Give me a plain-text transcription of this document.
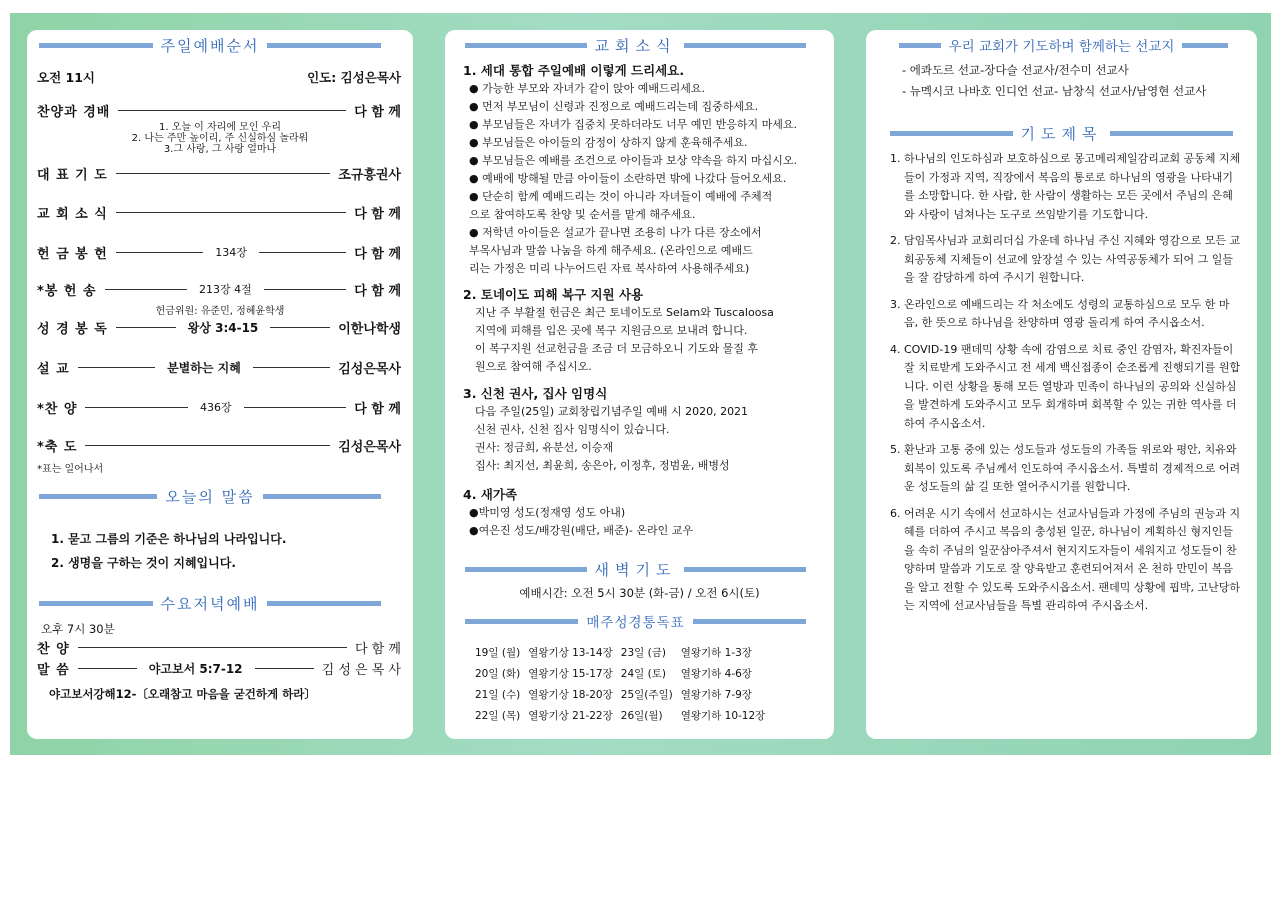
주일예배순서
오전 11시	인도: 김성은목사
찬양과 경배	다 함 께
1. 오늘 이 자리에 모인 우리
2. 나는 주만 높이리, 주 신실하심 놀라워
3.그 사랑, 그 사랑 얼마나
대 표 기 도	조규흥권사
교 회 소 식	다 함 께
헌 금 봉 헌	134장	다 함 께
*봉 헌 송	213장 4절	다 함 께
헌금위원: 유준민, 정혜윤학생
성 경 봉 독	왕상 3:4-15	이한나학생
설 교	분별하는 지혜	김성은목사
*찬 양	436장	다 함 께
*축 도	김성은목사
*표는 일어나서
오늘의 말씀
1. 묻고 그름의 기준은 하나님의 나라입니다.
2. 생명을 구하는 것이 지혜입니다.
수요저녁예배
오후 7시 30분
찬 양	다 함 께
말 씀	야고보서 5:7-12	김 성 은 목 사
야고보서강해12-〔오래참고 마음을 굳건하게 하라〕
교회소식
1. 세대 통합 주일예배 이렇게 드리세요.

● 가능한 부모와 자녀가 같이 앉아 예배드리세요.

● 먼저 부모님이 신령과 진정으로 예배드리는데 집중하세요.

● 부모님들은 자녀가 집중치 못하더라도 너무 예민 반응하지 마세요.

● 부모님들은 아이들의 감정이 상하지 않게 훈육해주세요.

● 부모님들은 예배를 조건으로 아이들과 보상 약속을 하지 마십시오.

● 예배에 방해될 만큼 아이들이 소란하면 밖에 나갔다 들어오세요.

● 단순히 함께 예배드리는 것이 아니라 자녀들이 예배에 주체적

으로 참여하도록 찬양 및 순서를 맡게 해주세요.

● 저학년 아이들은 설교가 끝나면 조용히 나가 다른 장소에서

부목사님과 말씀 나눔을 하게 해주세요. (온라인으로 예배드

리는 가정은 미리 나누어드린 자료 복사하여 사용해주세요)

2. 토네이도 피해 복구 지원 사용

지난 주 부활절 헌금은 최근 토네이도로 Selam와 Tuscaloosa

지역에 피해를 입은 곳에 복구 지원금으로 보내려 합니다.

이 복구지원 선교헌금을 조금 더 모금하오니 기도와 물질 후

원으로 참여해 주십시오.

3. 신천 권사, 집사 임명식

다음 주일(25일) 교회창립기념주일 예배 시 2020, 2021

신천 권사, 신천 집사 임명식이 있습니다.

권사: 정금희, 유분선, 이승재

집사: 최지선, 최윤희, 송은아, 이정후, 정범윤, 배병성

4. 새가족

●박미영 성도(정재영 성도 아내)

●여은진 성도/배강원(배단, 배준)- 온라인 교우

새벽기도
예배시간: 오전 5시 30분 (화-금) / 오전 6시(토)
매주성경통독표
19일 (월)	열왕기상 13-14장	23일 (금)	열왕기하 1-3장
20일 (화)	열왕기상 15-17장	24일 (토)	열왕기하 4-6장
21일 (수)	열왕기상 18-20장	25일(주일)	열왕기하 7-9장
22일 (목)	열왕기상 21-22장	26일(월)	열왕기하 10-12장
우리 교회가 기도하며 함께하는 선교지
- 에콰도르 선교-장다슬 선교사/전수미 선교사
- 뉴멕시코 나바호 인디언 선교- 남창식 선교사/남영현 선교사
기도제목
1. 하나님의 인도하심과 보호하심으로 몽고메리제일감리교회 공동체 지체들이 가정과 지역, 직장에서 복음의 통로로 하나님의 영광을 나타내기를 소망합니다. 한 사람, 한 사람이 생활하는 모든 곳에서 주님의 은혜와 사랑이 넘쳐나는 도구로 쓰임받기를 기도합니다.
2. 담임목사님과 교회리더십 가운데 하나님 주신 지혜와 영감으로 모든 교회공동체 지체들이 선교에 앞장설 수 있는 사역공동체가 되어 그 일들을 잘 감당하게 하여 주시기 원합니다.
3. 온라인으로 예배드리는 각 처소에도 성령의 교통하심으로 모두 한 마음, 한 뜻으로 하나님을 찬양하며 영광 돌리게 하여 주시옵소서.
4. COVID-19 팬데믹 상황 속에 감염으로 치료 중인 감염자, 확진자들이 잘 치료받게 도와주시고 전 세계 백신접종이 순조롭게 진행되기를 원합니다. 이런 상황을 통해 모든 열방과 민족이 하나님의 공의와 신실하심을 발견하게 도와주시고 모두 회개하며 회복할 수 있는 귀한 역사를 더하여 주시옵소서.
5. 환난과 고통 중에 있는 성도들과 성도들의 가족들 위로와 평안, 치유와 회복이 있도록 주님께서 인도하여 주시옵소서. 특별히 경제적으로 어려운 성도들의 삶 길 또한 열어주시기를 원합니다.
6. 어려운 시기 속에서 선교하시는 선교사님들과 가정에 주님의 권능과 지혜를 더하여 주시고 복음의 충성된 일꾼, 하나님이 계획하신 형지인들을 속히 주님의 일꾼삼아주셔서 현지지도자들이 세워지고 성도들이 찬양하며 말씀과 기도로 잘 양육받고 훈련되어져서 온 천하 만민이 복음을 알고 전할 수 있도록 도와주시옵소서. 팬데믹 상황에 핍박, 고난당하는 지역에 선교사님들을 특별 관리하여 주시옵소서.
